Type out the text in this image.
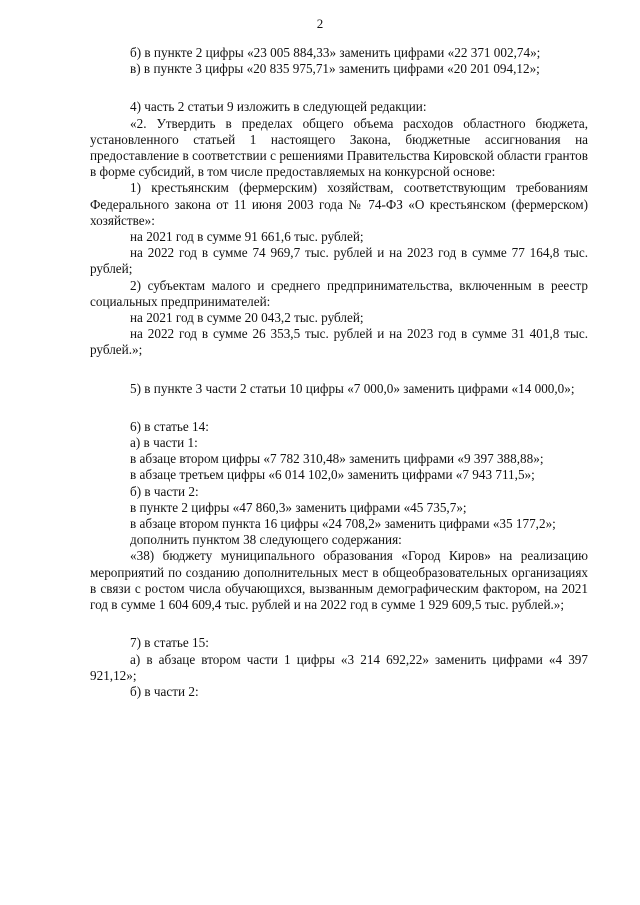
2

б) в пункте 2 цифры «23 005 884,33» заменить цифрами «22 371 002,74»;

в) в пункте 3 цифры «20 835 975,71» заменить цифрами «20 201 094,12»;

4) часть 2 статьи 9 изложить в следующей редакции:

«2. Утвердить в пределах общего объема расходов областного бюджета, установленного статьей 1 настоящего Закона, бюджетные ассигнования на предоставление в соответствии с решениями Правительства Кировской области грантов в форме субсидий, в том числе предоставляемых на конкурсной основе:

1) крестьянским (фермерским) хозяйствам, соответствующим требованиям Федерального закона от 11 июня 2003 года № 74-ФЗ «О крестьянском (фермерском) хозяйстве»:

на 2021 год в сумме 91 661,6 тыс. рублей;

на 2022 год в сумме 74 969,7 тыс. рублей и на 2023 год в сумме 77 164,8 тыс. рублей;

2) субъектам малого и среднего предпринимательства, включенным в реестр социальных предпринимателей:

на 2021 год в сумме 20 043,2 тыс. рублей;

на 2022 год в сумме 26 353,5 тыс. рублей и на 2023 год в сумме 31 401,8 тыс. рублей.»;

5) в пункте 3 части 2 статьи 10 цифры «7 000,0» заменить цифрами «14 000,0»;

6) в статье 14:

а) в части 1:

в абзаце втором цифры «7 782 310,48» заменить цифрами «9 397 388,88»;

в абзаце третьем цифры «6 014 102,0» заменить цифрами «7 943 711,5»;

б) в части 2:

в пункте 2 цифры «47 860,3» заменить цифрами «45 735,7»;

в абзаце втором пункта 16 цифры «24 708,2» заменить цифрами «35 177,2»;

дополнить пунктом 38 следующего содержания:

«38) бюджету муниципального образования «Город Киров» на реализацию мероприятий по созданию дополнительных мест в общеобразовательных организациях в связи с ростом числа обучающихся, вызванным демографическим фактором, на 2021 год в сумме 1 604 609,4 тыс. рублей и на 2022 год в сумме 1 929 609,5 тыс. рублей.»;

7) в статье 15:

а) в абзаце втором части 1 цифры «3 214 692,22» заменить цифрами «4 397 921,12»;

б) в части 2:
